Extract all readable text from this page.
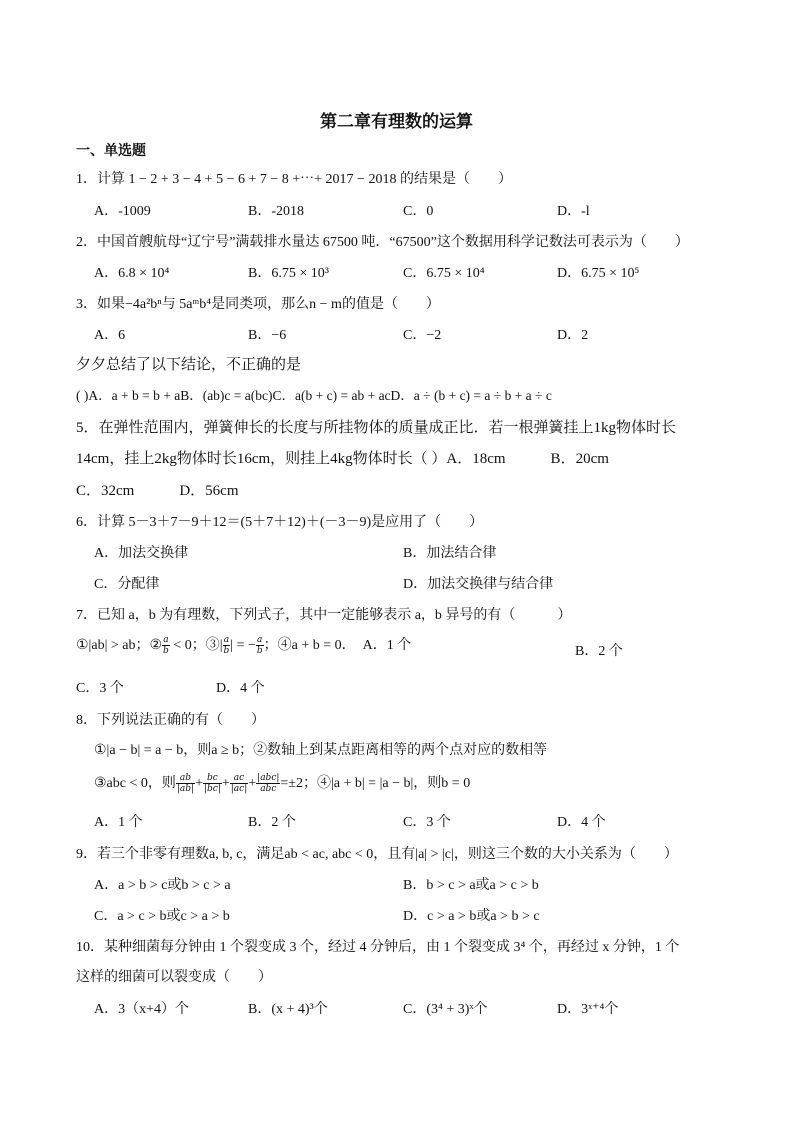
第二章有理数的运算
一、单选题
1．计算 1 − 2 + 3 − 4 + 5 − 6 + 7 − 8 +⋯+ 2017 − 2018 的结果是（　　）
A．-1009	B．-2018	C．0	D．-l
2．中国首艘航母“辽宁号”满载排水量达 67500 吨．“67500”这个数据用科学记数法可表示为（　　）
A．6.8 × 10⁴	B．6.75 × 10³	C．6.75 × 10⁴	D．6.75 × 10⁵
3．如果−4a²bⁿ与 5aᵐb⁴是同类项，那么n − m的值是（　　）
A．6	B．−6	C．−2	D．2
夕夕总结了以下结论，不正确的是
( )A．a + b = b + aB．(ab)c = a(bc)C．a(b + c) = ab + acD．a ÷ (b + c) = a ÷ b + a ÷ c
5．在弹性范围内，弹簧伸长的长度与所挂物体的质量成正比．若一根弹簧挂上1kg物体时长
14cm，挂上2kg物体时长16cm，则挂上4kg物体时长（ ）A．18cm　　　B．20cm
C．32cm　　　D．56cm
6．计算 5－3＋7－9＋12＝(5＋7＋12)＋(－3－9)是应用了（　　）
A．加法交换律	B．加法结合律
C．分配律	D．加法交换律与结合律
7．已知 a，b 为有理数，下列式子，其中一定能够表示 a，b 异号的有（　　　）
①|ab| > ab；② $\frac{a}{b} < 0$；③| $\frac{a}{b}$ | = − $\frac{a}{b}$ ；④a + b = 0．　A．1 个	B．2 个
C．3 个	D．4 个
8．下列说法正确的有（　　）
①|a − b| = a − b，则a ≥ b；②数轴上到某点距离相等的两个点对应的数相等
③abc < 0，则 $\frac{ab}{|ab|} + \frac{bc}{|bc|} + \frac{ac}{|ac|} + \frac{\text{|abc|}}{\text{abc}} =\pm 2$；④|a + b| = |a − b|，则b = 0
A．1 个	B．2 个	C．3 个	D．4 个
9．若三个非零有理数a, b, c，满足ab < ac, abc < 0，且有|a| > |c|，则这三个数的大小关系为（　　）
A．a > b > c或b > c > a	B．b > c > a或a > c > b
C．a > c > b或c > a > b	D．c > a > b或a > b > c
10．某种细菌每分钟由 1 个裂变成 3 个，经过 4 分钟后，由 1 个裂变成 3⁴ 个，再经过 x 分钟，1 个
这样的细菌可以裂变成（　　）
A．3（x+4）个	B．(x + 4)³个	C．(3⁴ + 3)ˣ个	D．3ˣ⁺⁴个
